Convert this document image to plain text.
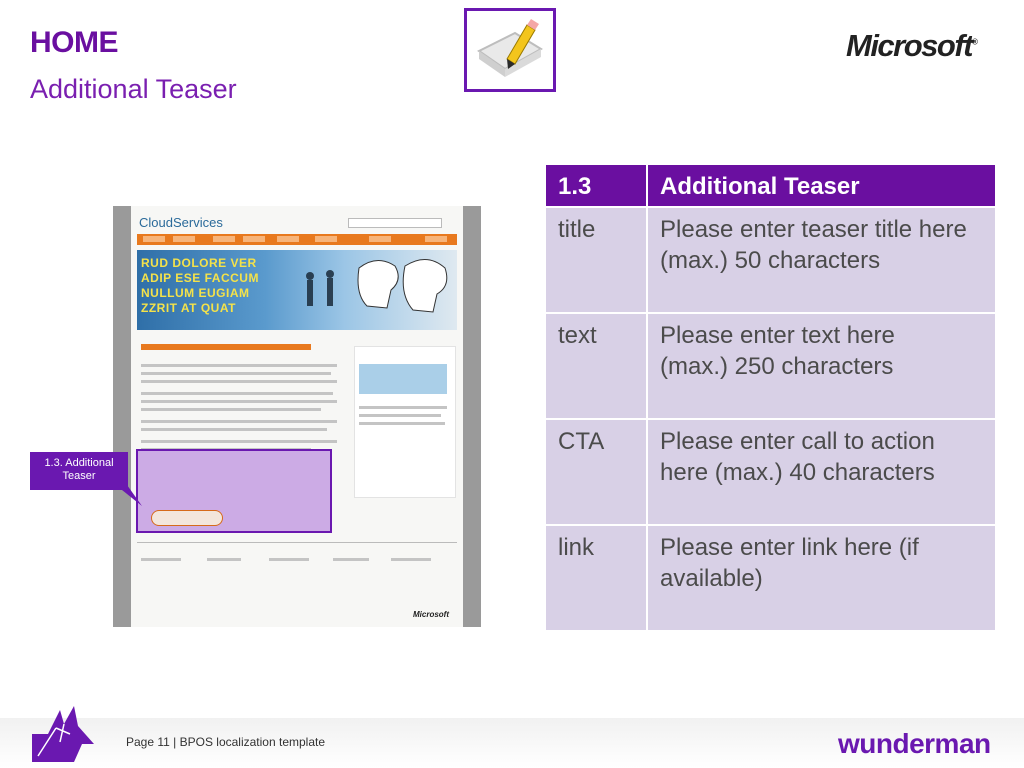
HOME
Additional Teaser
Microsoft®
CloudServices
RUD DOLORE VER
ADIP ESE FACCUM
NULLUM EUGIAM
ZZRIT AT QUAT
Microsoft
1.3. Additional
Teaser
1.3	Additional Teaser
title	Please enter teaser title here
(max.) 50 characters

text	Please enter text here
(max.) 250 characters

CTA	Please enter call to action
here (max.) 40 characters

link	Please enter link here (if
available)
Page 11 | BPOS localization template	wunderman
